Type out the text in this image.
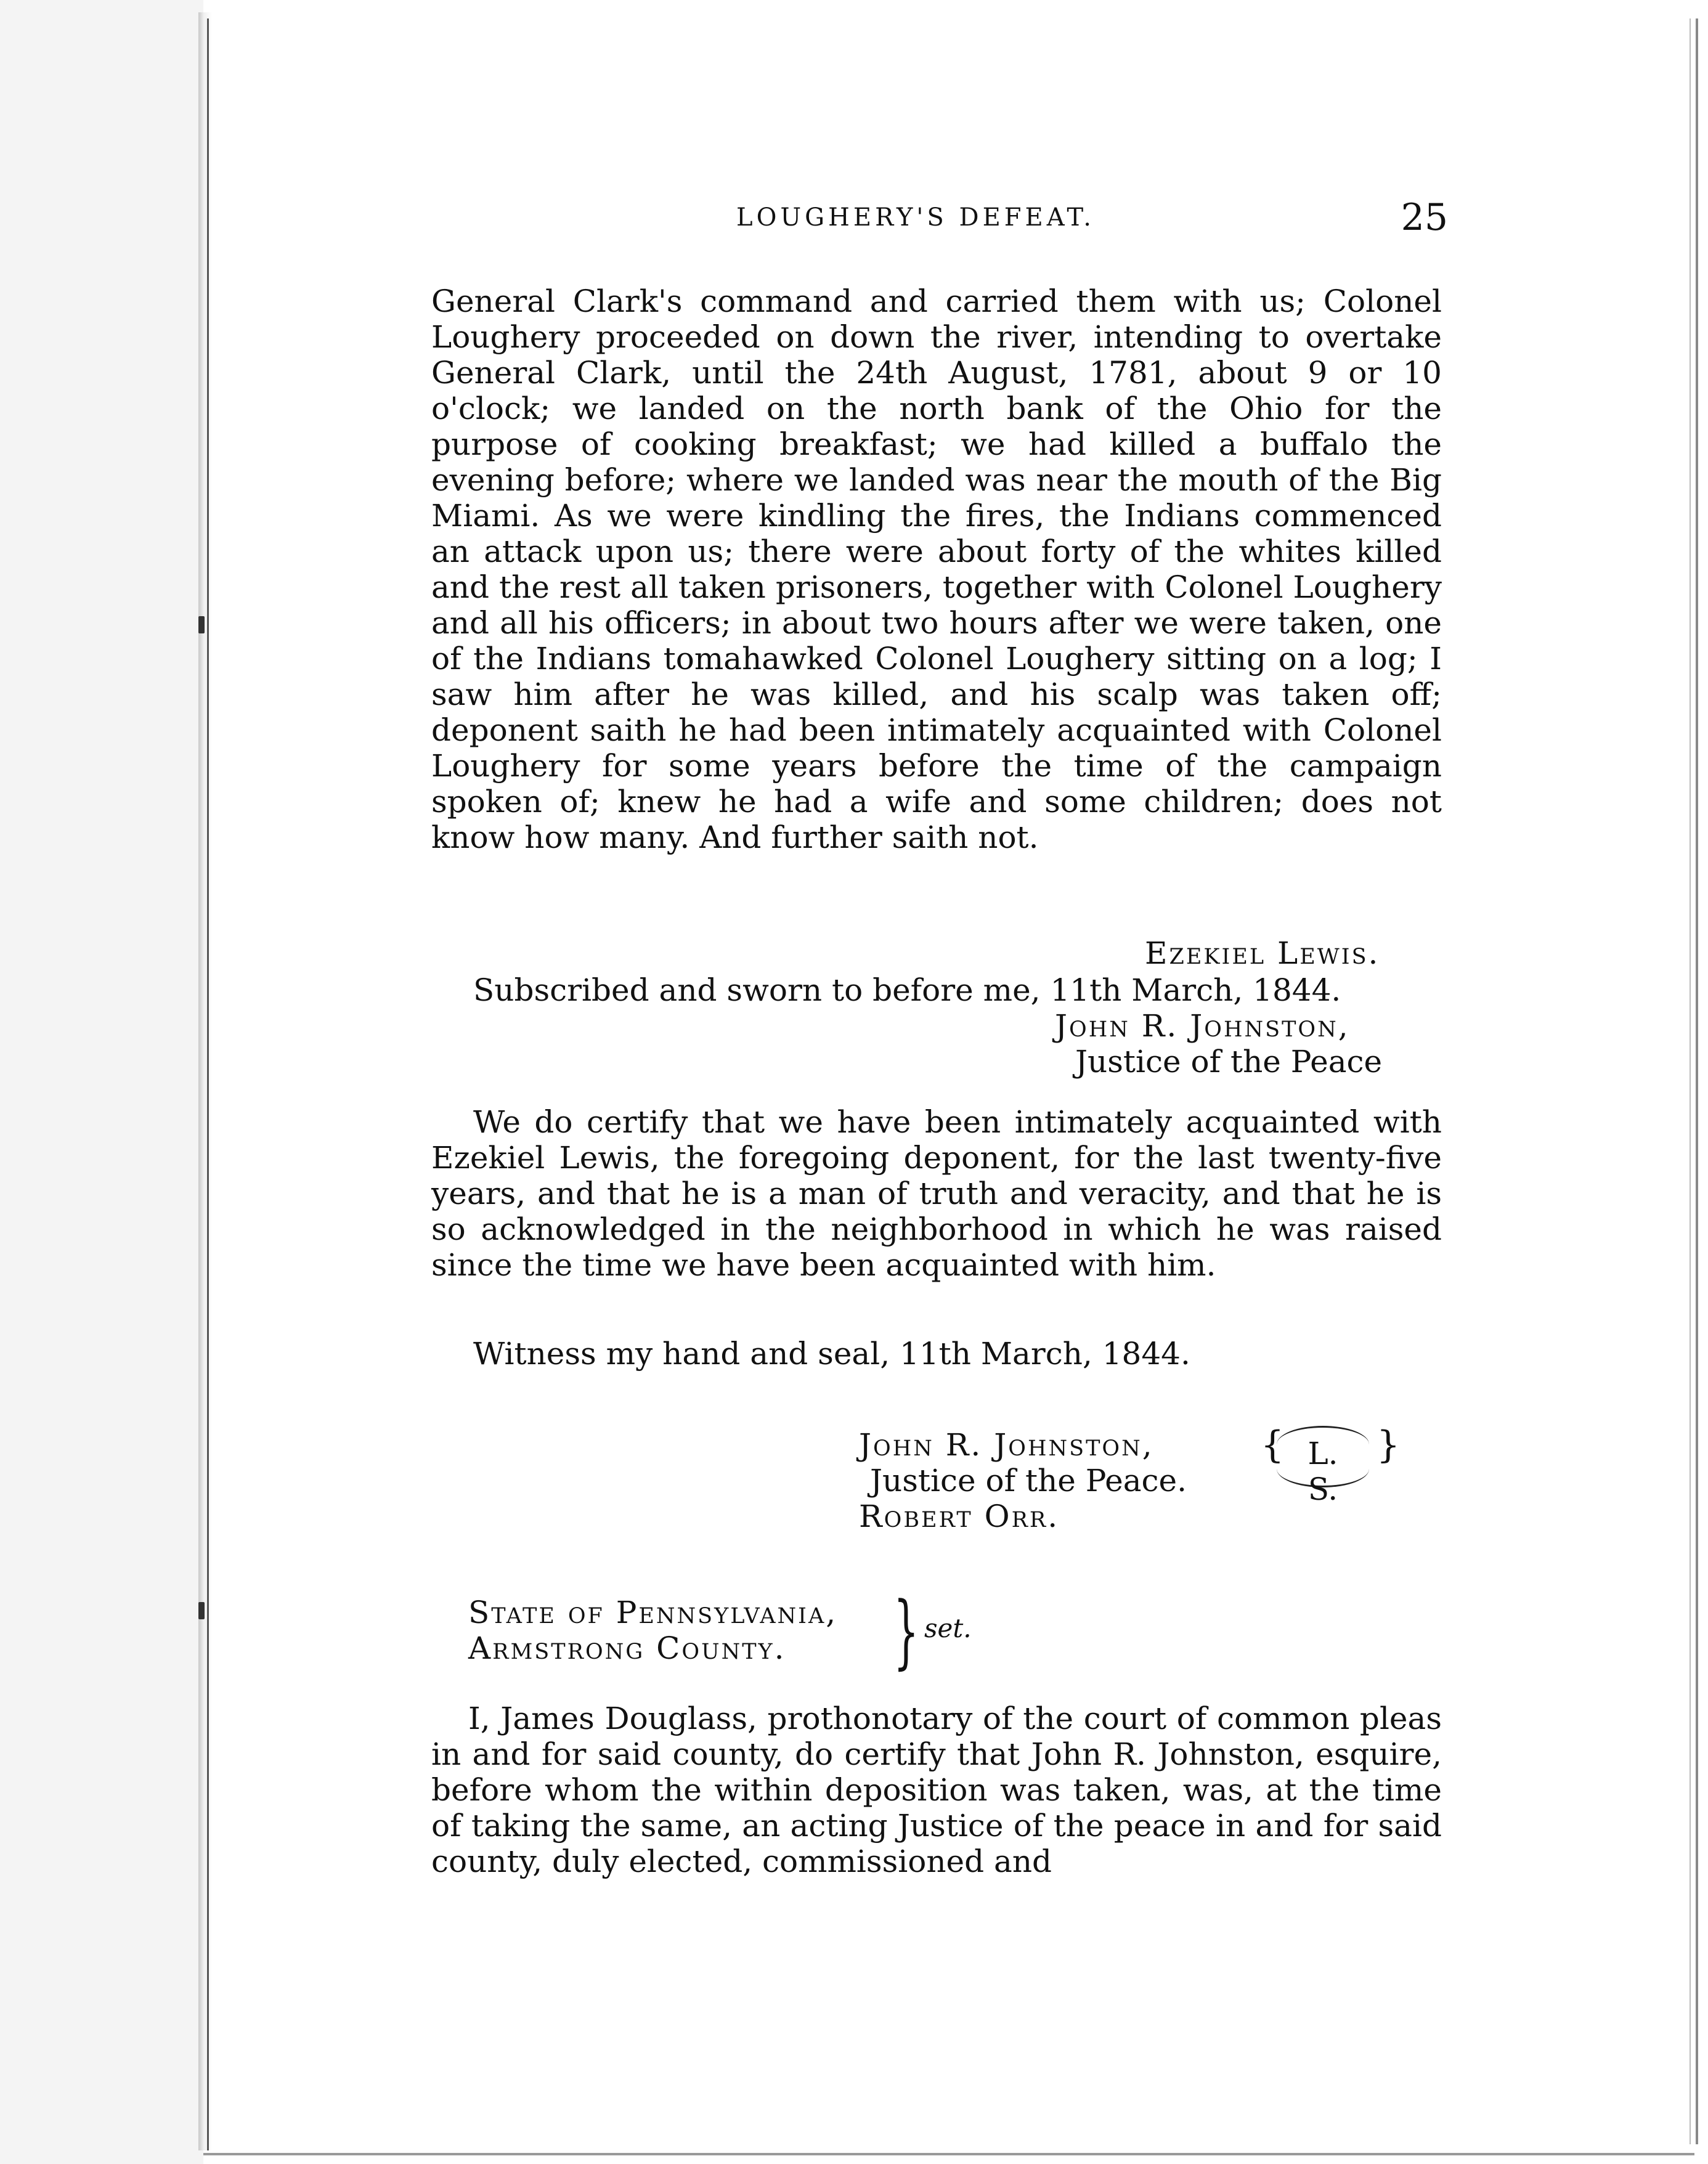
LOUGHERY'S DEFEAT.	25

General Clark's command and carried them with us; Colonel Loughery proceeded on down the river, intending to overtake General Clark, until the 24th August, 1781, about 9 or 10 o'clock; we landed on the north bank of the Ohio for the purpose of cooking breakfast; we had killed a buffalo the evening before; where we landed was near the mouth of the Big Miami. As we were kindling the fires, the Indians commenced an attack upon us; there were about forty of the whites killed and the rest all taken prisoners, together with Colonel Loughery and all his officers; in about two hours after we were taken, one of the Indians tomahawked Colonel Loughery sitting on a log; I saw him after he was killed, and his scalp was taken off; deponent saith he had been intimately acquainted with Colonel Loughery for some years before the time of the campaign spoken of; knew he had a wife and some children; does not know how many. And further saith not.

Ezekiel Lewis.
Subscribed and sworn to before me, 11th March, 1844.
John R. Johnston,
Justice of the Peace

We do certify that we have been intimately acquainted with Ezekiel Lewis, the foregoing deponent, for the last twenty-five years, and that he is a man of truth and veracity, and that he is so acknowledged in the neighborhood in which he was raised since the time we have been acquainted with him.

Witness my hand and seal, 11th March, 1844.
John R. Johnston,
Justice of the Peace.
Robert Orr.
{ L. S.
}
State of Pennsylvania,
Armstrong County. } set.

I, James Douglass, prothonotary of the court of common pleas in and for said county, do certify that John R. Johnston, esquire, before whom the within deposition was taken, was, at the time of taking the same, an acting Justice of the peace in and for said county, duly elected, commissioned and
